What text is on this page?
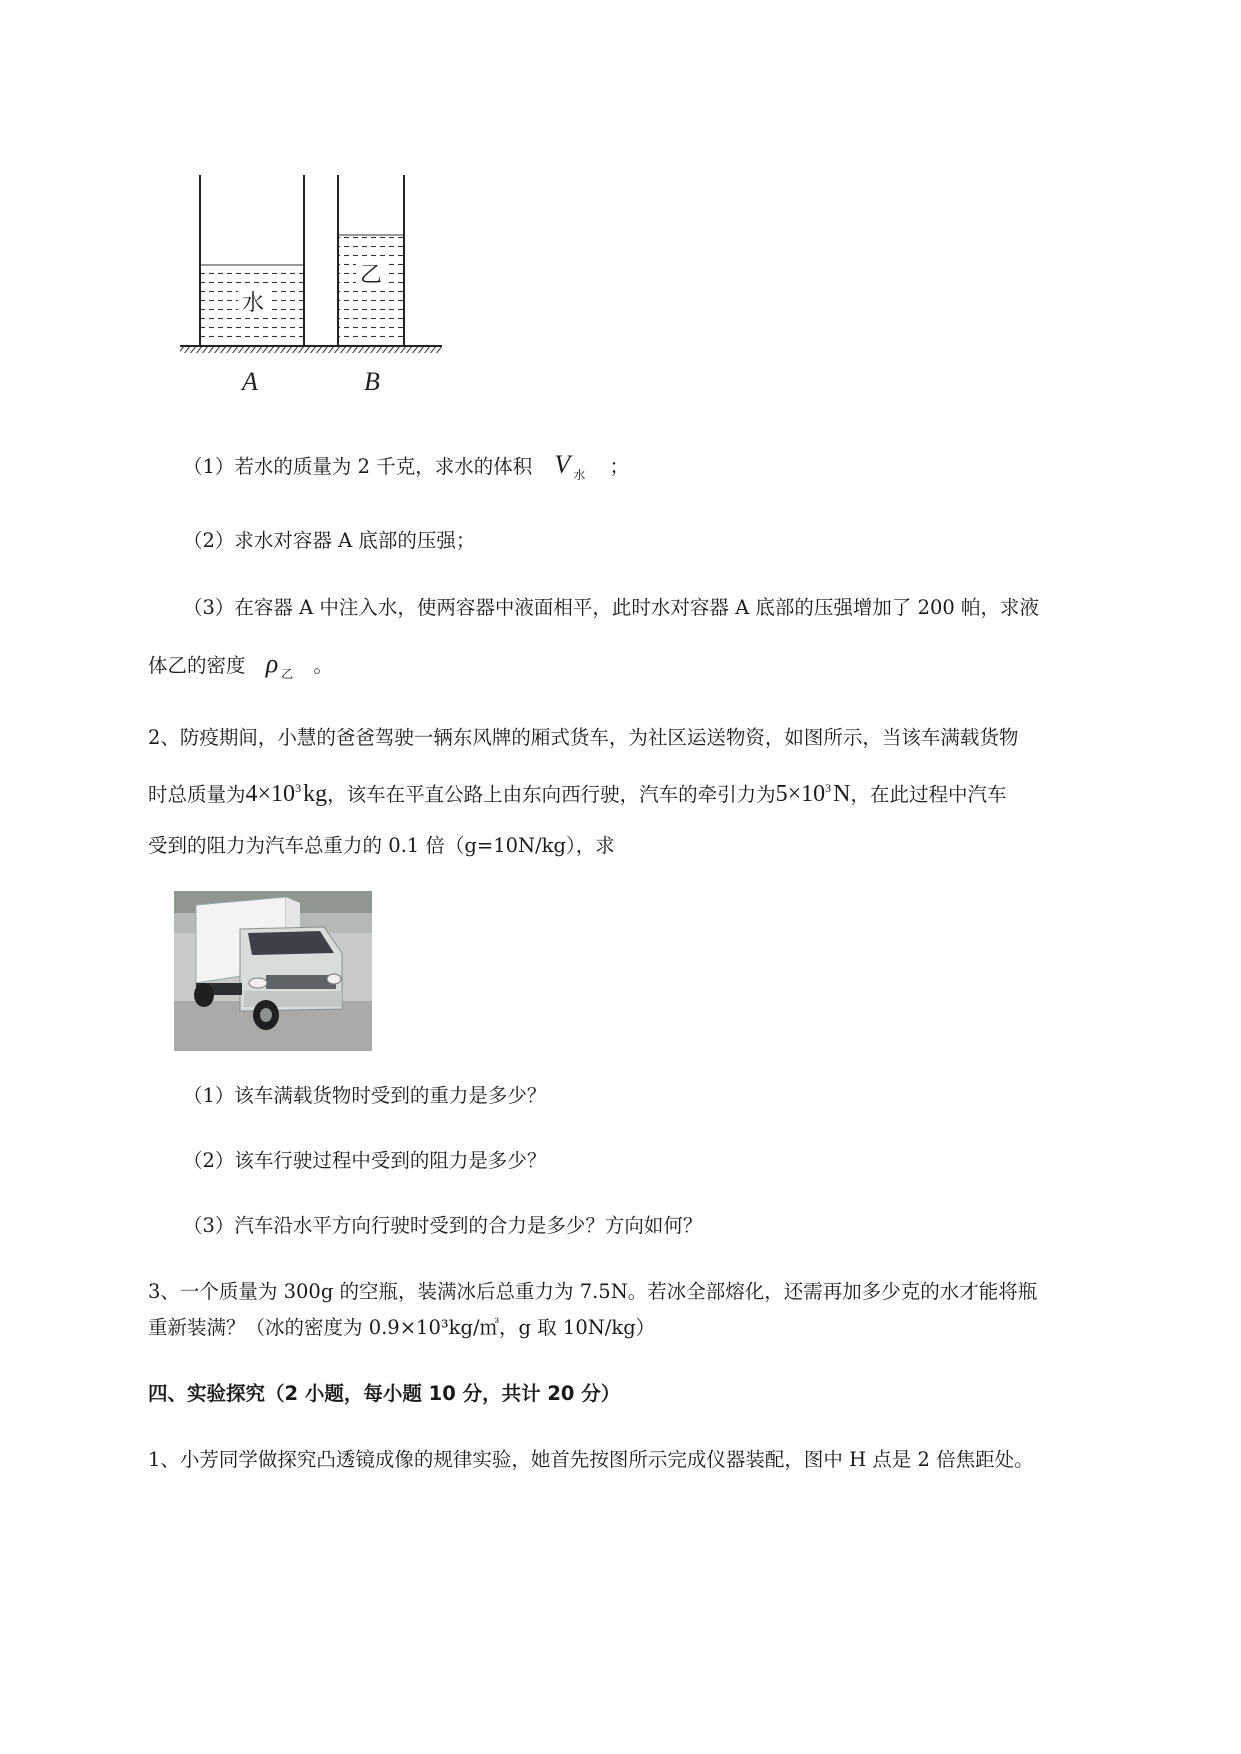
水
乙
A	B
（1）若水的质量为 2 千克，求水的体积 V $_水$ ；
（2）求水对容器 A 底部的压强；
（3）在容器 A 中注入水，使两容器中液面相平，此时水对容器 A 底部的压强增加了 200 帕，求液
体乙的密度 ρ $_乙$ 。
2、防疫期间，小慧的爸爸驾驶一辆东风牌的厢式货车，为社区运送物资，如图所示，当该车满载货物
时总质量为$4\times 10^3kg$，该车在平直公路上由东向西行驶，汽车的牵引力为$5\times 10^3N$，在此过程中汽车
受到的阻力为汽车总重力的 0.1 倍（g=10N/kg），求
（1）该车满载货物时受到的重力是多少？
（2）该车行驶过程中受到的阻力是多少？
（3）汽车沿水平方向行驶时受到的合力是多少？方向如何？
3、一个质量为 300g 的空瓶，装满冰后总重力为 7.5N。若冰全部熔化，还需再加多少克的水才能将瓶
重新装满？（冰的密度为 0.9×10³kg/㎥，g 取 10N/kg）
四、实验探究（2 小题，每小题 10 分，共计 20 分）
1、小芳同学做探究凸透镜成像的规律实验，她首先按图所示完成仪器装配，图中 H 点是 2 倍焦距处。
